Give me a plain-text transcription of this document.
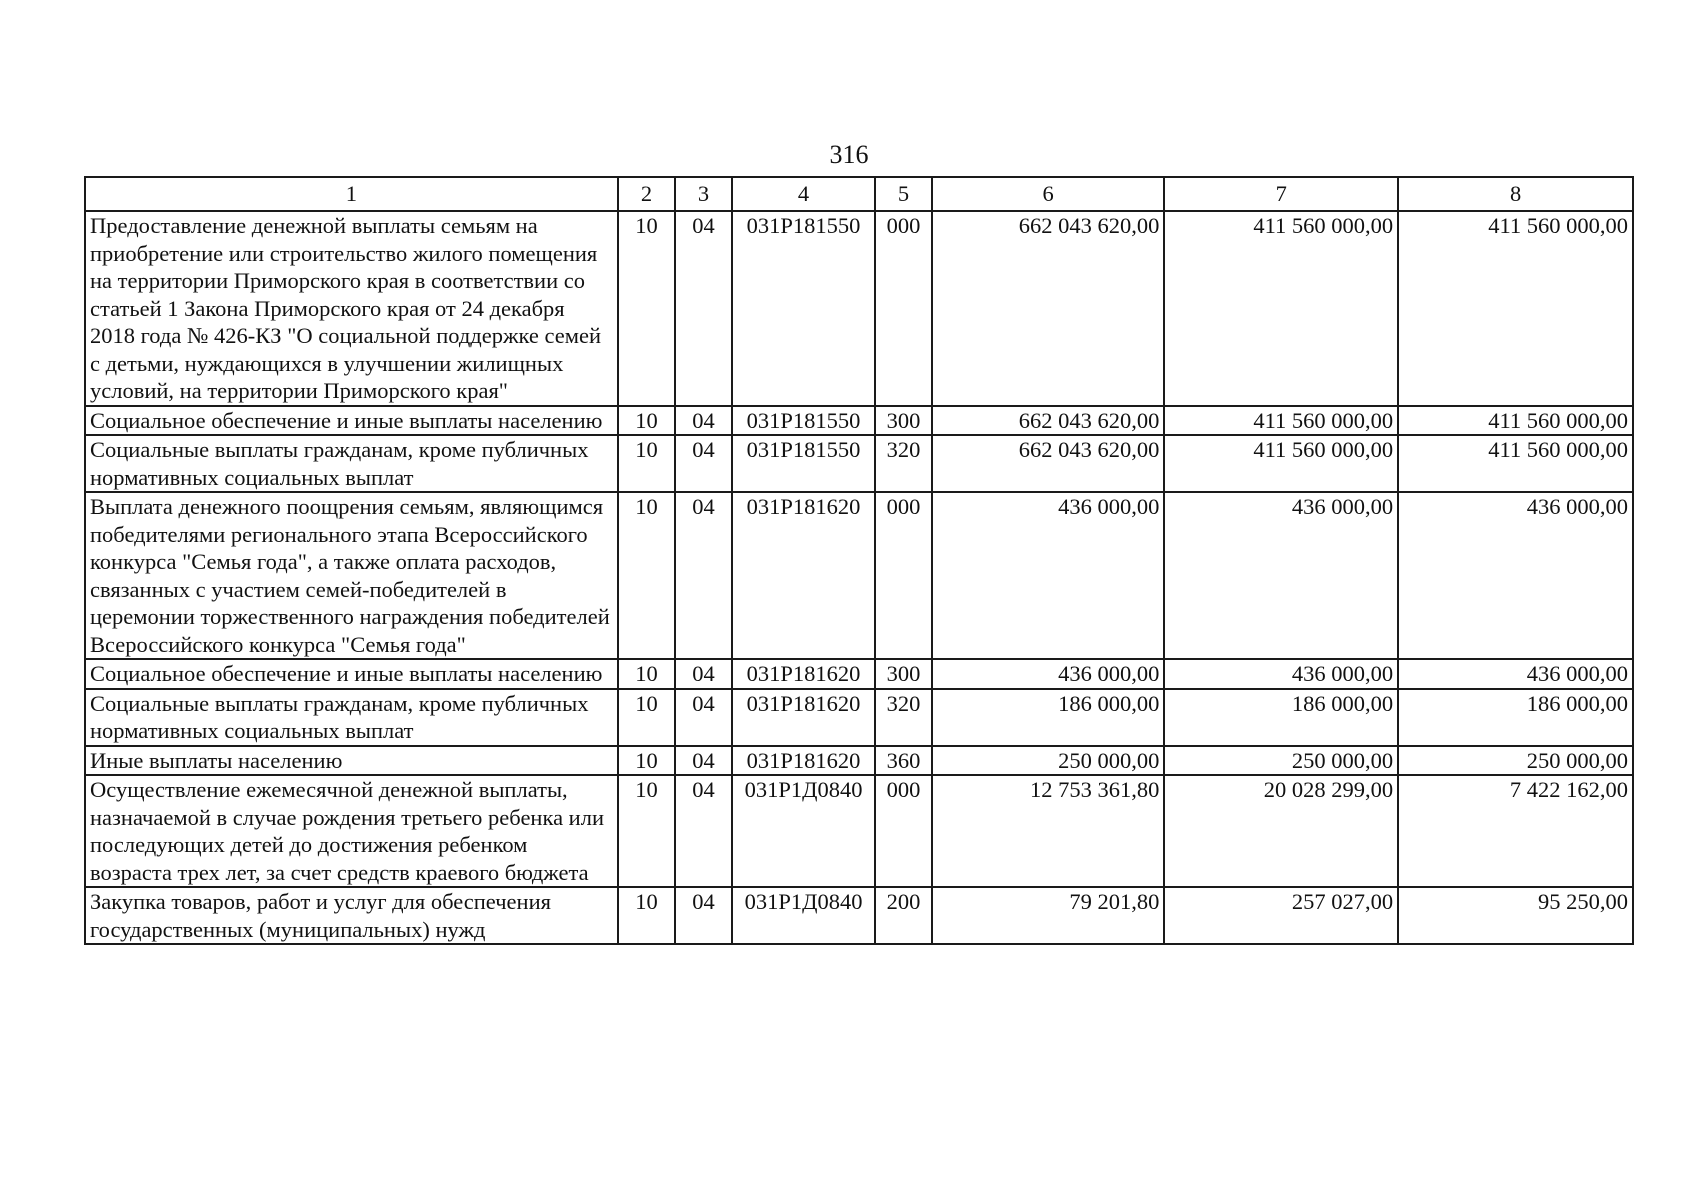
316
1	2	3	4	5	6	7	8
Предоставление денежной выплаты семьям на приобретение или строительство жилого помещения на территории Приморского края в соответствии со статьей 1 Закона Приморского края от 24 декабря 2018 года № 426-КЗ "О социальной поддержке семей с детьми, нуждающихся в улучшении жилищных условий, на территории Приморского края"	10	04	031Р181550	000	662 043 620,00	411 560 000,00	411 560 000,00
Социальное обеспечение и иные выплаты населению	10	04	031Р181550	300	662 043 620,00	411 560 000,00	411 560 000,00
Социальные выплаты гражданам, кроме публичных нормативных социальных выплат	10	04	031Р181550	320	662 043 620,00	411 560 000,00	411 560 000,00
Выплата денежного поощрения семьям, являющимся победителями регионального этапа Всероссийского конкурса "Семья года", а также оплата расходов, связанных с участием семей-победителей в церемонии торжественного награждения победителей Всероссийского конкурса "Семья года"	10	04	031Р181620	000	436 000,00	436 000,00	436 000,00
Социальное обеспечение и иные выплаты населению	10	04	031Р181620	300	436 000,00	436 000,00	436 000,00
Социальные выплаты гражданам, кроме публичных нормативных социальных выплат	10	04	031Р181620	320	186 000,00	186 000,00	186 000,00
Иные выплаты населению	10	04	031Р181620	360	250 000,00	250 000,00	250 000,00
Осуществление ежемесячной денежной выплаты, назначаемой в случае рождения третьего ребенка или последующих детей до достижения ребенком возраста трех лет, за счет средств краевого бюджета	10	04	031Р1Д0840	000	12 753 361,80	20 028 299,00	7 422 162,00
Закупка товаров, работ и услуг для обеспечения государственных (муниципальных) нужд	10	04	031Р1Д0840	200	79 201,80	257 027,00	95 250,00
